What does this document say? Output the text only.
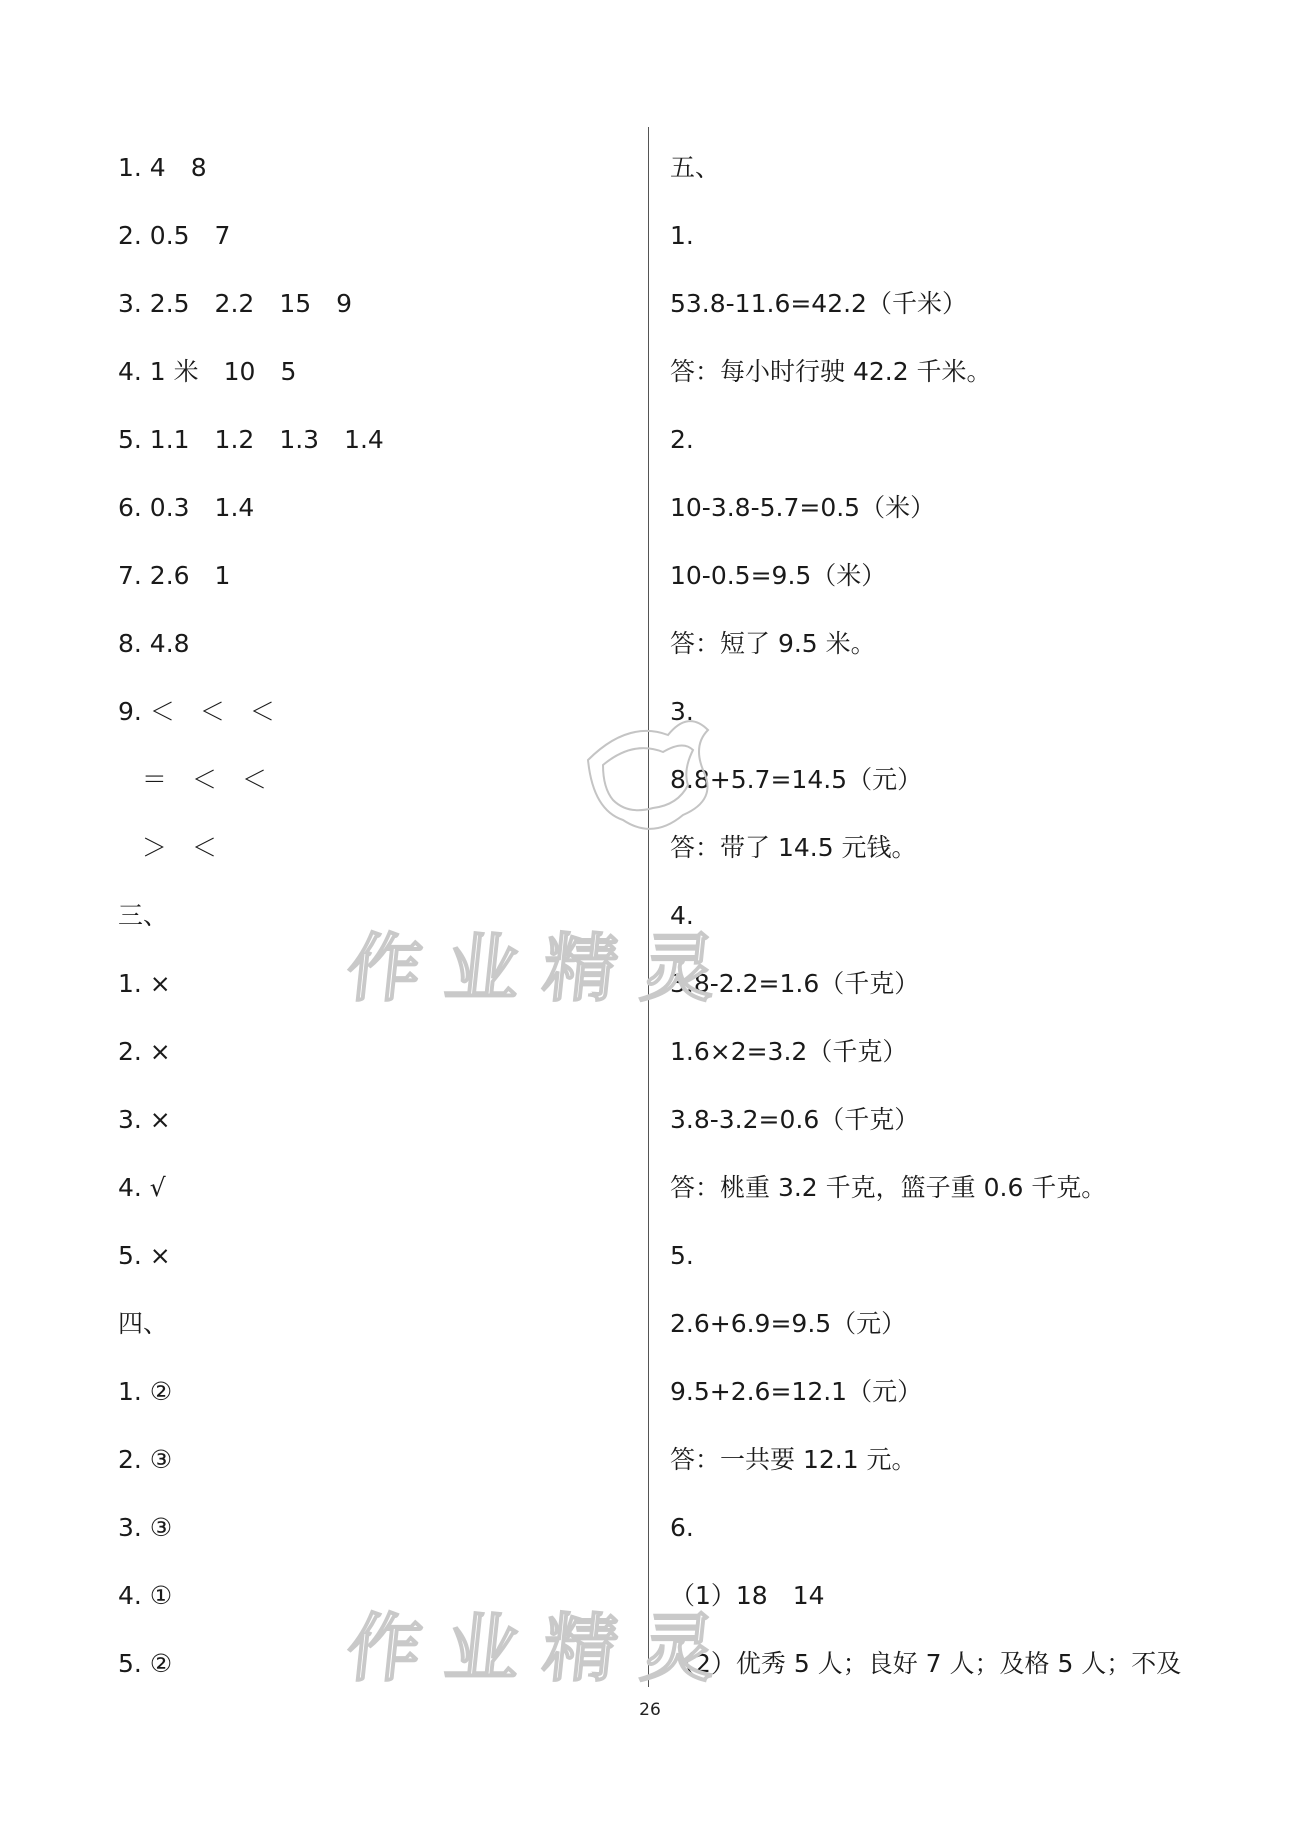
1. 4　8
2. 0.5　7
3. 2.5　2.2　15　9
4. 1 米　10　5
5. 1.1　1.2　1.3　1.4
6. 0.3　1.4
7. 2.6　1
8. 4.8
9. ＜　＜　＜
＝　＜　＜
＞　＜
三、
1. ×
2. ×
3. ×
4. √
5. ×
四、
1. ②
2. ③
3. ③
4. ①
5. ②
五、
1.
53.8-11.6=42.2（千米）
答：每小时行驶 42.2 千米。
2.
10-3.8-5.7=0.5（米）
10-0.5=9.5（米）
答：短了 9.5 米。
3.
8.8+5.7=14.5（元）
答：带了 14.5 元钱。
4.
3.8-2.2=1.6（千克）
1.6×2=3.2（千克）
3.8-3.2=0.6（千克）
答：桃重 3.2 千克，篮子重 0.6 千克。
5.
2.6+6.9=9.5（元）
9.5+2.6=12.1（元）
答：一共要 12.1 元。
6.
（1）18　14
（2）优秀 5 人；良好 7 人；及格 5 人；不及
26
作业精灵
作业精灵
